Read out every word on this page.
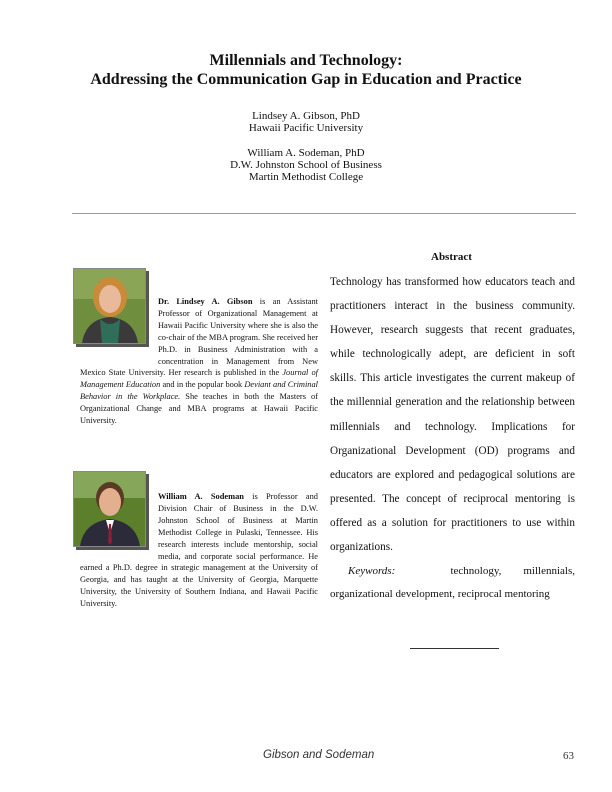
Millennials and Technology:
Addressing the Communication Gap in Education and Practice
Lindsey A. Gibson, PhD
Hawaii Pacific University
William A. Sodeman, PhD
D.W. Johnston School of Business
Martin Methodist College
Dr. Lindsey A. Gibson is an Assistant Professor of Organizational Management at Hawaii Pacific University where she is also the co-chair of the MBA program. She received her Ph.D. in Business Administration with a concentration in Management from New Mexico State University. Her research is published in the Journal of Management Education and in the popular book Deviant and Criminal Behavior in the Workplace. She teaches in both the Masters of Organizational Change and MBA programs at Hawaii Pacific University.
William A. Sodeman is Professor and Division Chair of Business in the D.W. Johnston School of Business at Martin Methodist College in Pulaski, Tennessee. His research interests include mentorship, social media, and corporate social performance. He earned a Ph.D. degree in strategic management at the University of Georgia, and has taught at the University of Georgia, Marquette University, the University of Southern Indiana, and Hawaii Pacific University.
Abstract
Technology has transformed how educators teach and practitioners interact in the business community. However, research suggests that recent graduates, while technologically adept, are deficient in soft skills. This article investigates the current makeup of the millennial generation and the relationship between millennials and technology. Implications for Organizational Development (OD) programs and educators are explored and pedagogical solutions are presented. The concept of reciprocal mentoring is offered as a solution for practitioners to use within organizations.
Keywords:	technology,        millennials,
organizational development, reciprocal mentoring
Gibson and Sodeman	63
